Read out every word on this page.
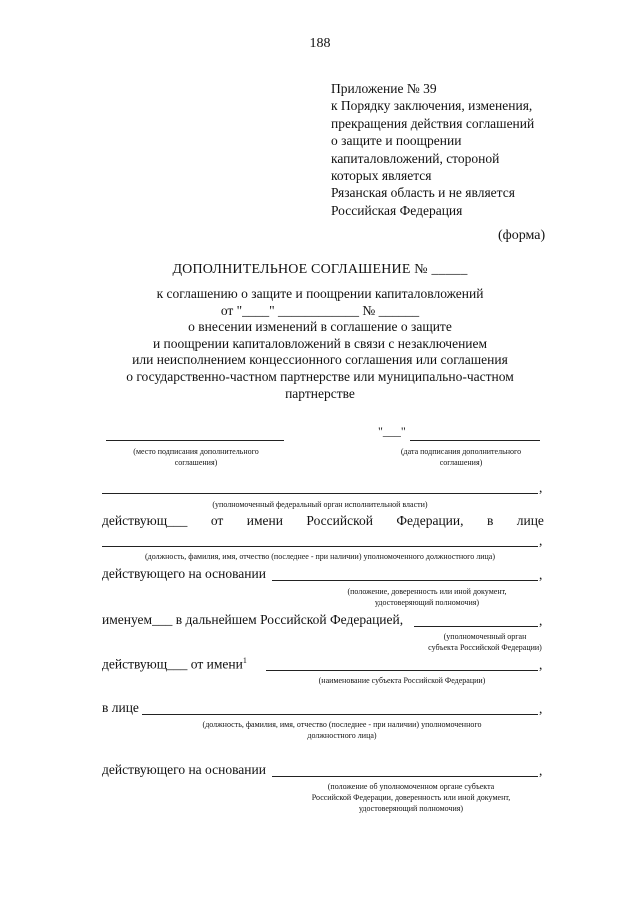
188
Приложение № 39
к Порядку заключения, изменения,
прекращения действия соглашений
о защите и поощрении
капиталовложений, стороной
которых является
Рязанская область и не является
Российская Федерация
(форма)
ДОПОЛНИТЕЛЬНОЕ СОГЛАШЕНИЕ № _____
к соглашению о защите и поощрении капиталовложений
от "____" ____________ № ______
о внесении изменений в соглашение о защите
и поощрении капиталовложений в связи с незаключением
или неисполнением концессионного соглашения или соглашения
о государственно-частном партнерстве или муниципально-частном
партнерстве
(место подписания дополнительного
соглашения)
"___"
(дата подписания дополнительного
соглашения)
,
(уполномоченный федеральный орган исполнительной власти)
действующ___ от имени Российской Федерации, в лице
,
(должность, фамилия, имя, отчество (последнее - при наличии) уполномоченного должностного лица)
действующего на основании	,
(положение, доверенность или иной документ,
удостоверяющий полномочия)
именуем___ в дальнейшем Российской Федерацией,	,
(уполномоченный орган
субъекта Российской Федерации)
действующ___ от имени$^1$	,
(наименование субъекта Российской Федерации)
в лице	,
(должность, фамилия, имя, отчество (последнее - при наличии) уполномоченного
должностного лица)
действующего на основании	,
(положение об уполномоченном органе субъекта
Российской Федерации, доверенность или иной документ,
удостоверяющий полномочия)
